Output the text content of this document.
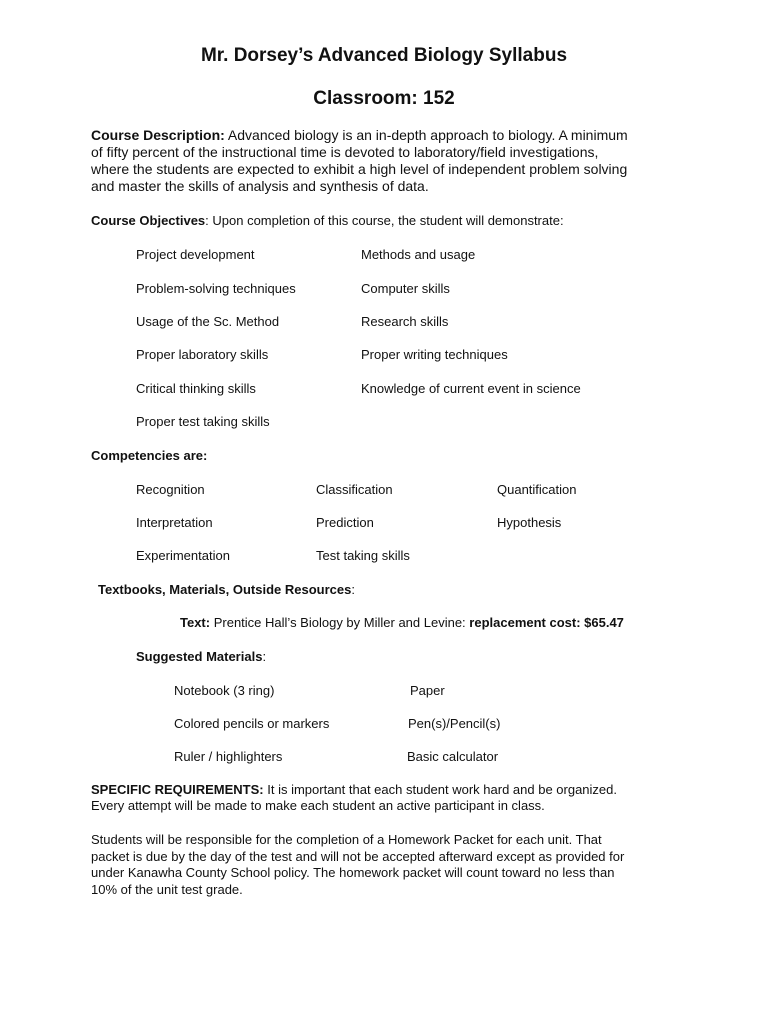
Mr. Dorsey’s Advanced Biology Syllabus
Classroom: 152
Course Description: Advanced biology is an in-depth approach to biology. A minimum
of fifty percent of the instructional time is devoted to laboratory/field investigations,
where the students are expected to exhibit a high level of independent problem solving
and master the skills of analysis and synthesis of data.
Course Objectives: Upon completion of this course, the student will demonstrate:
Project development
Problem-solving techniques
Usage of the Sc. Method
Proper laboratory skills
Critical thinking skills
Proper test taking skills
Methods and usage
Computer skills
Research skills
Proper writing techniques
Knowledge of current event in science
Competencies are:
Recognition
Interpretation
Experimentation
Classification
Prediction
Test taking skills
Quantification
Hypothesis
Textbooks, Materials, Outside Resources:
Text: Prentice Hall’s Biology by Miller and Levine: replacement cost: $65.47
Suggested Materials:
Notebook (3 ring)
Colored pencils or markers
Ruler / highlighters
Paper
Pen(s)/Pencil(s)
Basic calculator
SPECIFIC REQUIREMENTS: It is important that each student work hard and be organized.
Every attempt will be made to make each student an active participant in class.
Students will be responsible for the completion of a Homework Packet for each unit. That
packet is due by the day of the test and will not be accepted afterward except as provided for
under Kanawha County School policy. The homework packet will count toward no less than
10% of the unit test grade.
